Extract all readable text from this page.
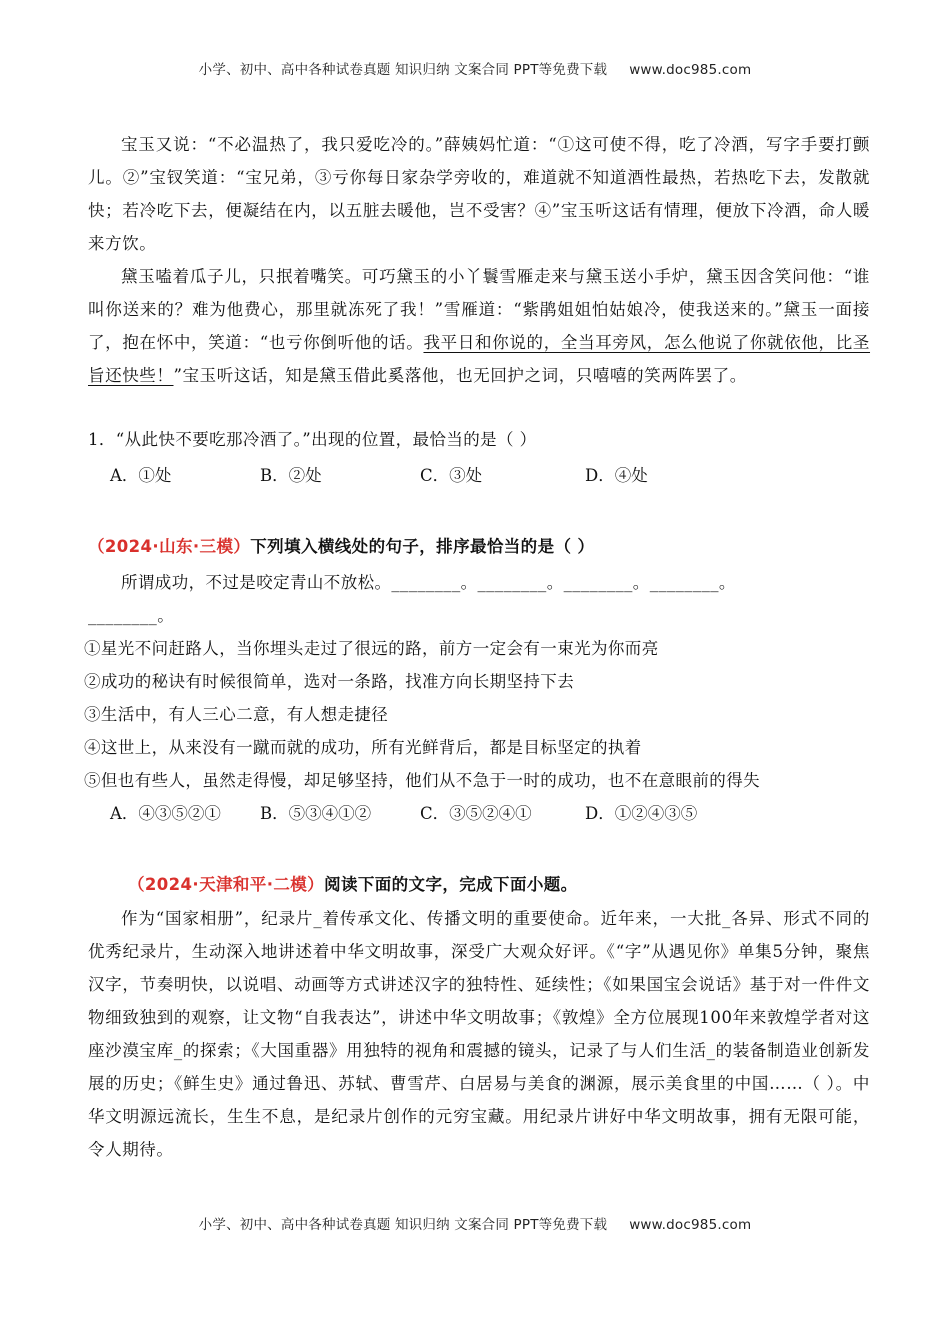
小学、初中、高中各种试卷真题 知识归纳 文案合同 PPT等免费下载 www.doc985.com
宝玉又说：“不必温热了，我只爱吃冷的。”薛姨妈忙道：“①这可使不得，吃了冷酒，写字手要打颤儿。②”宝钗笑道：“宝兄弟，③亏你每日家杂学旁收的，难道就不知道酒性最热，若热吃下去，发散就快；若冷吃下去，便凝结在内，以五脏去暖他，岂不受害？④”宝玉听这话有情理，便放下冷酒，命人暖来方饮。
黛玉嗑着瓜子儿，只抿着嘴笑。可巧黛玉的小丫鬟雪雁走来与黛玉送小手炉，黛玉因含笑问他：“谁叫你送来的？难为他费心，那里就冻死了我！”雪雁道：“紫鹃姐姐怕姑娘冷，使我送来的。”黛玉一面接了，抱在怀中，笑道：“也亏你倒听他的话。我平日和你说的，全当耳旁风，怎么他说了你就依他，比圣旨还快些！”宝玉听这话，知是黛玉借此奚落他，也无回护之词，只嘻嘻的笑两阵罢了。
1．“从此快不要吃那冷酒了。”出现的位置，最恰当的是（ ）
A．①处	B．②处	C．③处	D．④处
（2024·山东·三模）下列填入横线处的句子，排序最恰当的是（ ）
所谓成功，不过是咬定青山不放松。________。________。________。________。
________。
①星光不问赶路人，当你埋头走过了很远的路，前方一定会有一束光为你而亮
②成功的秘诀有时候很简单，选对一条路，找准方向长期坚持下去
③生活中，有人三心二意，有人想走捷径
④这世上，从来没有一蹴而就的成功，所有光鲜背后，都是目标坚定的执着
⑤但也有些人，虽然走得慢，却足够坚持，他们从不急于一时的成功，也不在意眼前的得失
A．④③⑤②① B．⑤③④①②	C．③⑤②④①	D．①②④③⑤
（2024·天津和平·二模）阅读下面的文字，完成下面小题。
作为“国家相册”，纪录片_着传承文化、传播文明的重要使命。近年来，一大批_各异、形式不同的优秀纪录片，生动深入地讲述着中华文明故事，深受广大观众好评。《“字”从遇见你》单集5分钟，聚焦汉字，节奏明快，以说唱、动画等方式讲述汉字的独特性、延续性；《如果国宝会说话》基于对一件件文物细致独到的观察，让文物“自我表达”，讲述中华文明故事；《敦煌》全方位展现100年来敦煌学者对这座沙漠宝库_的探索；《大国重器》用独特的视角和震撼的镜头，记录了与人们生活_的装备制造业创新发展的历史；《鲜生史》通过鲁迅、苏轼、曹雪芹、白居易与美食的渊源，展示美食里的中国……（ ）。中华文明源远流长，生生不息，是纪录片创作的元穷宝藏。用纪录片讲好中华文明故事，拥有无限可能，令人期待。
小学、初中、高中各种试卷真题 知识归纳 文案合同 PPT等免费下载 www.doc985.com
